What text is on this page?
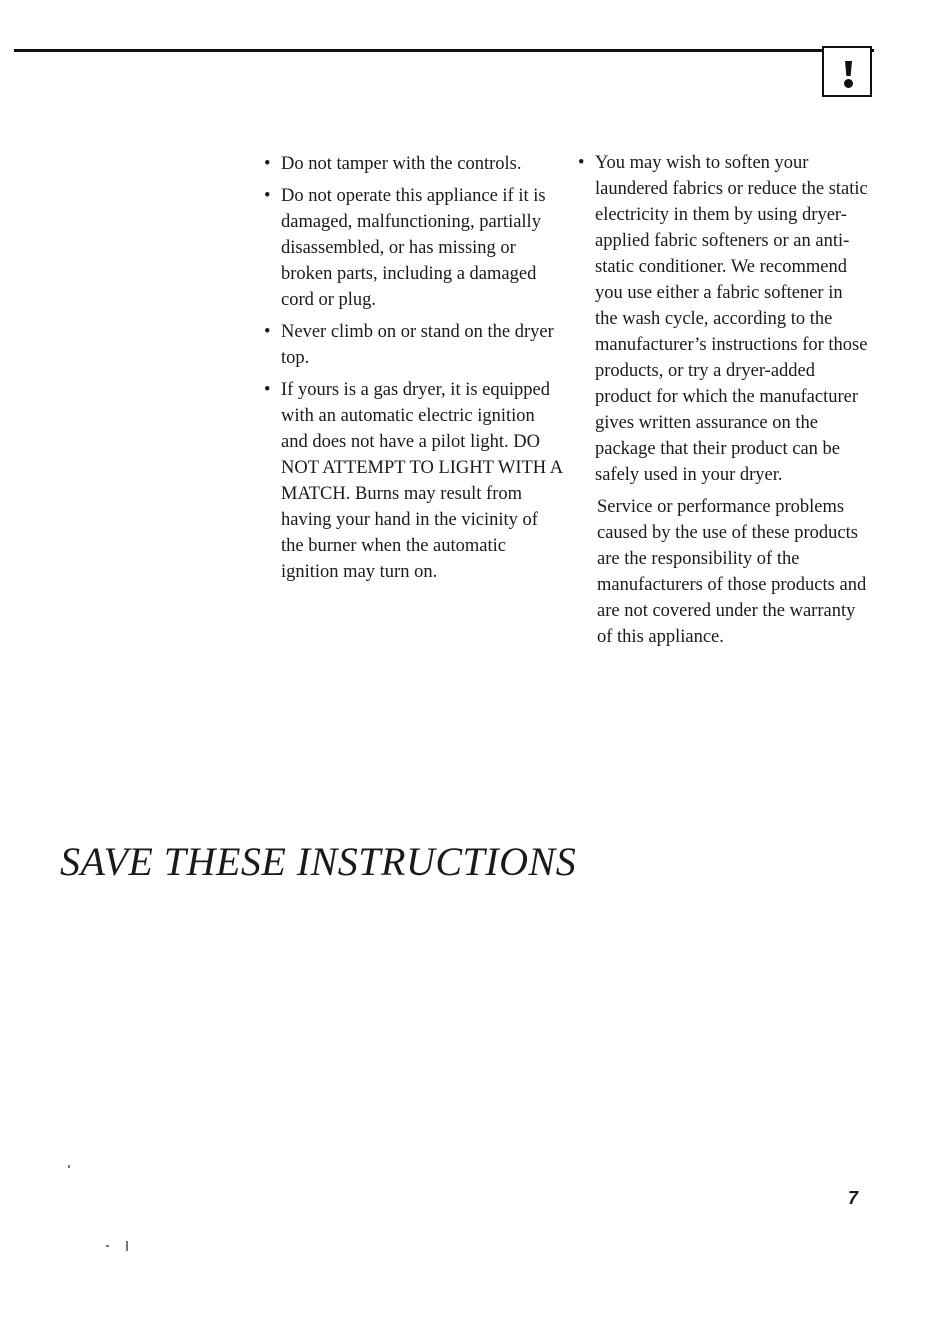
• Do not tamper with the controls.
• Do not operate this appliance if it is damaged, malfunctioning, partially disassembled, or has missing or broken parts, including a damaged cord or plug.
• Never climb on or stand on the dryer top.
• If yours is a gas dryer, it is equipped with an automatic electric ignition and does not have a pilot light. DO NOT ATTEMPT TO LIGHT WITH A MATCH. Burns may result from having your hand in the vicinity of the burner when the automatic ignition may turn on.
• You may wish to soften your laundered fabrics or reduce the static electricity in them by using dryer-applied fabric softeners or an anti-static conditioner. We recommend you use either a fabric softener in the wash cycle, according to the manufacturer’s instructions for those products, or try a dryer-added product for which the manufacturer gives written assurance on the package that their product can be safely used in your dryer.

Service or performance problems caused by the use of these products are the responsibility of the manufacturers of those products and are not covered under the warranty of this appliance.

SAVE THESE INSTRUCTIONS
7
